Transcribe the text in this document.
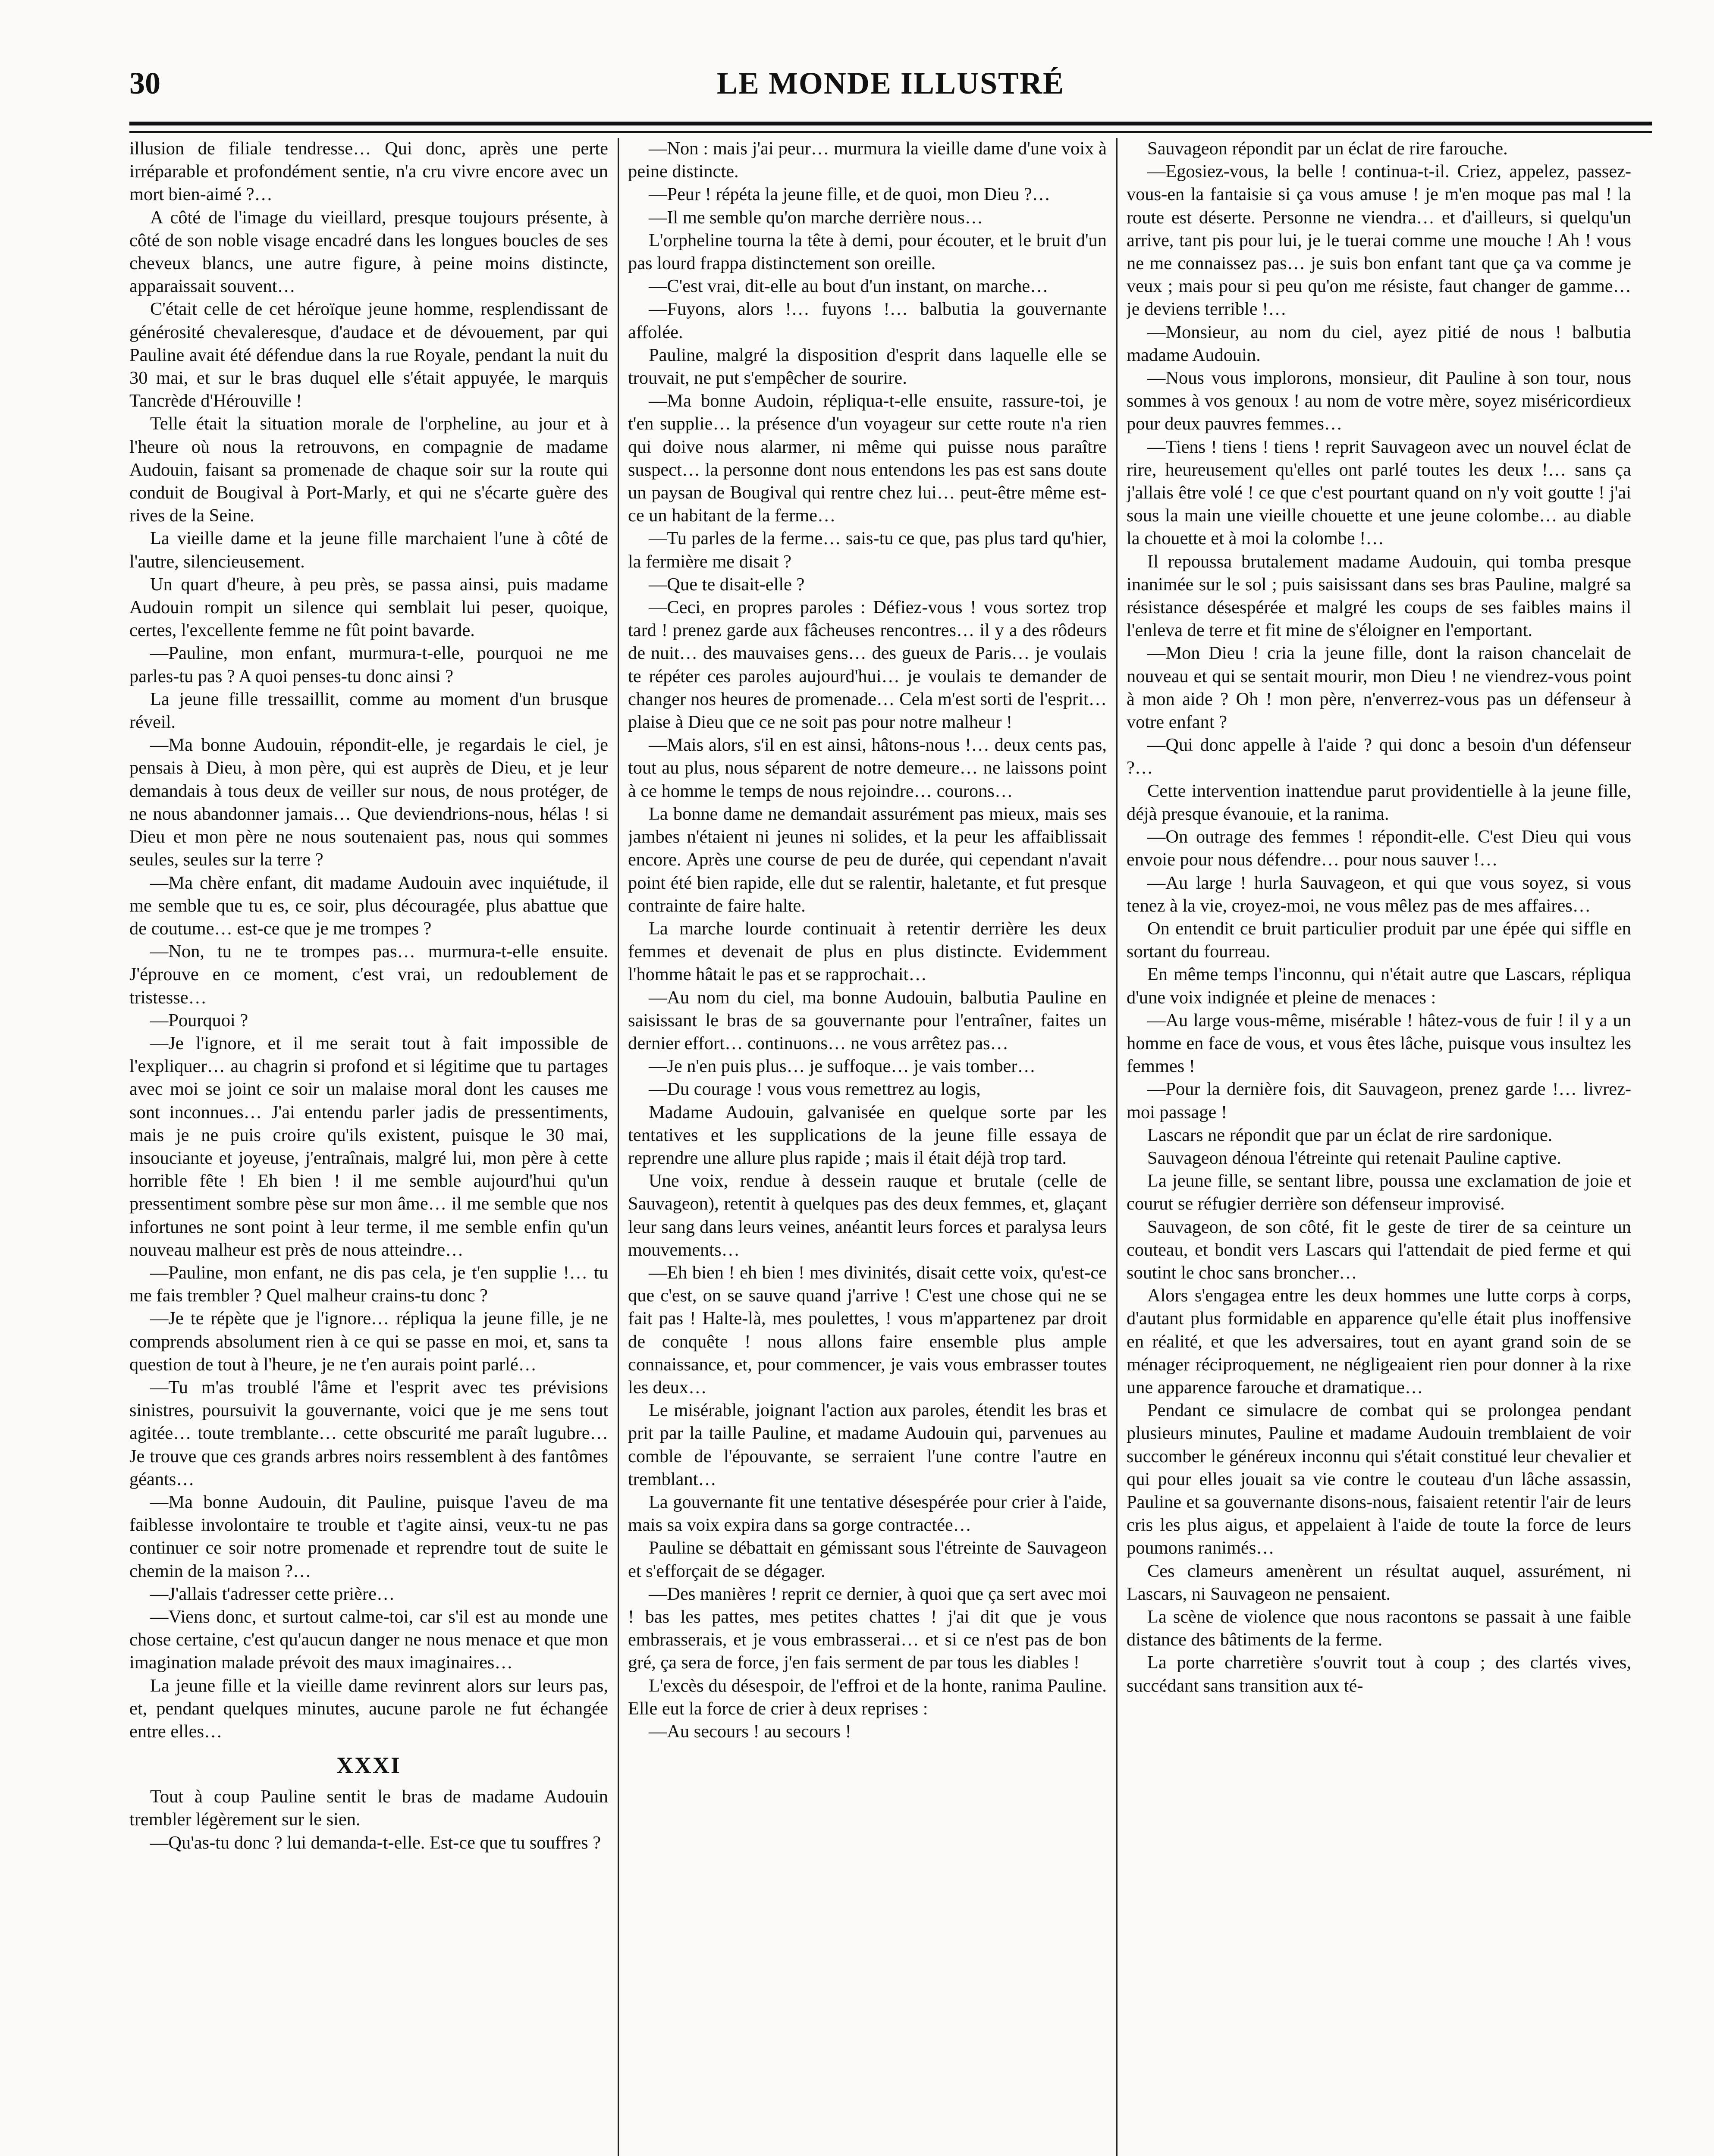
30	LE MONDE ILLUSTRÉ

illusion de filiale tendresse… Qui donc, après une perte irréparable et profondément sentie, n'a cru vivre encore avec un mort bien-aimé ?…

A côté de l'image du vieillard, presque toujours présente, à côté de son noble visage encadré dans les longues boucles de ses cheveux blancs, une autre figure, à peine moins distincte, apparaissait souvent…

C'était celle de cet héroïque jeune homme, resplendissant de générosité chevaleresque, d'audace et de dévouement, par qui Pauline avait été défendue dans la rue Royale, pendant la nuit du 30 mai, et sur le bras duquel elle s'était appuyée, le marquis Tancrède d'Hérouville !

Telle était la situation morale de l'orpheline, au jour et à l'heure où nous la retrouvons, en compagnie de madame Audouin, faisant sa promenade de chaque soir sur la route qui conduit de Bougival à Port-Marly, et qui ne s'écarte guère des rives de la Seine.

La vieille dame et la jeune fille marchaient l'une à côté de l'autre, silencieusement.

Un quart d'heure, à peu près, se passa ainsi, puis madame Audouin rompit un silence qui semblait lui peser, quoique, certes, l'excellente femme ne fût point bavarde.

—Pauline, mon enfant, murmura-t-elle, pourquoi ne me parles-tu pas ? A quoi penses-tu donc ainsi ?

La jeune fille tressaillit, comme au moment d'un brusque réveil.

—Ma bonne Audouin, répondit-elle, je regardais le ciel, je pensais à Dieu, à mon père, qui est auprès de Dieu, et je leur demandais à tous deux de veiller sur nous, de nous protéger, de ne nous abandonner jamais… Que deviendrions-nous, hélas ! si Dieu et mon père ne nous soutenaient pas, nous qui sommes seules, seules sur la terre ?

—Ma chère enfant, dit madame Audouin avec inquiétude, il me semble que tu es, ce soir, plus découragée, plus abattue que de coutume… est-ce que je me trompes ?

—Non, tu ne te trompes pas… murmura-t-elle ensuite. J'éprouve en ce moment, c'est vrai, un redoublement de tristesse…

—Pourquoi ?

—Je l'ignore, et il me serait tout à fait impossible de l'expliquer… au chagrin si profond et si légitime que tu partages avec moi se joint ce soir un malaise moral dont les causes me sont inconnues… J'ai entendu parler jadis de pressentiments, mais je ne puis croire qu'ils existent, puisque le 30 mai, insouciante et joyeuse, j'entraînais, malgré lui, mon père à cette horrible fête ! Eh bien ! il me semble aujourd'hui qu'un pressentiment sombre pèse sur mon âme… il me semble que nos infortunes ne sont point à leur terme, il me semble enfin qu'un nouveau malheur est près de nous atteindre…

—Pauline, mon enfant, ne dis pas cela, je t'en supplie !… tu me fais trembler ? Quel malheur crains-tu donc ?

—Je te répète que je l'ignore… répliqua la jeune fille, je ne comprends absolument rien à ce qui se passe en moi, et, sans ta question de tout à l'heure, je ne t'en aurais point parlé…

—Tu m'as troublé l'âme et l'esprit avec tes prévisions sinistres, poursuivit la gouvernante, voici que je me sens tout agitée… toute tremblante… cette obscurité me paraît lugubre… Je trouve que ces grands arbres noirs ressemblent à des fantômes géants…

—Ma bonne Audouin, dit Pauline, puisque l'aveu de ma faiblesse involontaire te trouble et t'agite ainsi, veux-tu ne pas continuer ce soir notre promenade et reprendre tout de suite le chemin de la maison ?…

—J'allais t'adresser cette prière…

—Viens donc, et surtout calme-toi, car s'il est au monde une chose certaine, c'est qu'aucun danger ne nous menace et que mon imagination malade prévoit des maux imaginaires…

La jeune fille et la vieille dame revinrent alors sur leurs pas, et, pendant quelques minutes, aucune parole ne fut échangée entre elles…

XXXI

Tout à coup Pauline sentit le bras de madame Audouin trembler légèrement sur le sien.

—Qu'as-tu donc ? lui demanda-t-elle. Est-ce que tu souffres ?

—Non : mais j'ai peur… murmura la vieille dame d'une voix à peine distincte.

—Peur ! répéta la jeune fille, et de quoi, mon Dieu ?…

—Il me semble qu'on marche derrière nous…

L'orpheline tourna la tête à demi, pour écouter, et le bruit d'un pas lourd frappa distinctement son oreille.

—C'est vrai, dit-elle au bout d'un instant, on marche…

—Fuyons, alors !… fuyons !… balbutia la gouvernante affolée.

Pauline, malgré la disposition d'esprit dans laquelle elle se trouvait, ne put s'empêcher de sourire.

—Ma bonne Audoin, répliqua-t-elle ensuite, rassure-toi, je t'en supplie… la présence d'un voyageur sur cette route n'a rien qui doive nous alarmer, ni même qui puisse nous paraître suspect… la personne dont nous entendons les pas est sans doute un paysan de Bougival qui rentre chez lui… peut-être même est-ce un habitant de la ferme…

—Tu parles de la ferme… sais-tu ce que, pas plus tard qu'hier, la fermière me disait ?

—Que te disait-elle ?

—Ceci, en propres paroles : Défiez-vous ! vous sortez trop tard ! prenez garde aux fâcheuses rencontres… il y a des rôdeurs de nuit… des mauvaises gens… des gueux de Paris… je voulais te répéter ces paroles aujourd'hui… je voulais te demander de changer nos heures de promenade… Cela m'est sorti de l'esprit… plaise à Dieu que ce ne soit pas pour notre malheur !

—Mais alors, s'il en est ainsi, hâtons-nous !… deux cents pas, tout au plus, nous séparent de notre demeure… ne laissons point à ce homme le temps de nous rejoindre… courons…

La bonne dame ne demandait assurément pas mieux, mais ses jambes n'étaient ni jeunes ni solides, et la peur les affaiblissait encore. Après une course de peu de durée, qui cependant n'avait point été bien rapide, elle dut se ralentir, haletante, et fut presque contrainte de faire halte.

La marche lourde continuait à retentir derrière les deux femmes et devenait de plus en plus distincte. Evidemment l'homme hâtait le pas et se rapprochait…

—Au nom du ciel, ma bonne Audouin, balbutia Pauline en saisissant le bras de sa gouvernante pour l'entraîner, faites un dernier effort… continuons… ne vous arrêtez pas…

—Je n'en puis plus… je suffoque… je vais tomber…

—Du courage ! vous vous remettrez au logis,

Madame Audouin, galvanisée en quelque sorte par les tentatives et les supplications de la jeune fille essaya de reprendre une allure plus rapide ; mais il était déjà trop tard.

Une voix, rendue à dessein rauque et brutale (celle de Sauvageon), retentit à quelques pas des deux femmes, et, glaçant leur sang dans leurs veines, anéantit leurs forces et paralysa leurs mouvements…

—Eh bien ! eh bien ! mes divinités, disait cette voix, qu'est-ce que c'est, on se sauve quand j'arrive ! C'est une chose qui ne se fait pas ! Halte-là, mes poulettes, ! vous m'appartenez par droit de conquête ! nous allons faire ensemble plus ample connaissance, et, pour commencer, je vais vous embrasser toutes les deux…

Le misérable, joignant l'action aux paroles, étendit les bras et prit par la taille Pauline, et madame Audouin qui, parvenues au comble de l'épouvante, se serraient l'une contre l'autre en tremblant…

La gouvernante fit une tentative désespérée pour crier à l'aide, mais sa voix expira dans sa gorge contractée…

Pauline se débattait en gémissant sous l'étreinte de Sauvageon et s'efforçait de se dégager.

—Des manières ! reprit ce dernier, à quoi que ça sert avec moi ! bas les pattes, mes petites chattes ! j'ai dit que je vous embrasserais, et je vous embrasserai… et si ce n'est pas de bon gré, ça sera de force, j'en fais serment de par tous les diables !

L'excès du désespoir, de l'effroi et de la honte, ranima Pauline. Elle eut la force de crier à deux reprises :

—Au secours ! au secours !

Sauvageon répondit par un éclat de rire farouche.

—Egosiez-vous, la belle ! continua-t-il. Criez, appelez, passez-vous-en la fantaisie si ça vous amuse ! je m'en moque pas mal ! la route est déserte. Personne ne viendra… et d'ailleurs, si quelqu'un arrive, tant pis pour lui, je le tuerai comme une mouche ! Ah ! vous ne me connaissez pas… je suis bon enfant tant que ça va comme je veux ; mais pour si peu qu'on me résiste, faut changer de gamme… je deviens terrible !…

—Monsieur, au nom du ciel, ayez pitié de nous ! balbutia madame Audouin.

—Nous vous implorons, monsieur, dit Pauline à son tour, nous sommes à vos genoux ! au nom de votre mère, soyez miséricordieux pour deux pauvres femmes…

—Tiens ! tiens ! tiens ! reprit Sauvageon avec un nouvel éclat de rire, heureusement qu'elles ont parlé toutes les deux !… sans ça j'allais être volé ! ce que c'est pourtant quand on n'y voit goutte ! j'ai sous la main une vieille chouette et une jeune colombe… au diable la chouette et à moi la colombe !…

Il repoussa brutalement madame Audouin, qui tomba presque inanimée sur le sol ; puis saisissant dans ses bras Pauline, malgré sa résistance désespérée et malgré les coups de ses faibles mains il l'enleva de terre et fit mine de s'éloigner en l'emportant.

—Mon Dieu ! cria la jeune fille, dont la raison chancelait de nouveau et qui se sentait mourir, mon Dieu ! ne viendrez-vous point à mon aide ? Oh ! mon père, n'enverrez-vous pas un défenseur à votre enfant ?

—Qui donc appelle à l'aide ? qui donc a besoin d'un défenseur ?…

Cette intervention inattendue parut providentielle à la jeune fille, déjà presque évanouie, et la ranima.

—On outrage des femmes ! répondit-elle. C'est Dieu qui vous envoie pour nous défendre… pour nous sauver !…

—Au large ! hurla Sauvageon, et qui que vous soyez, si vous tenez à la vie, croyez-moi, ne vous mêlez pas de mes affaires…

On entendit ce bruit particulier produit par une épée qui siffle en sortant du fourreau.

En même temps l'inconnu, qui n'était autre que Lascars, répliqua d'une voix indignée et pleine de menaces :

—Au large vous-même, misérable ! hâtez-vous de fuir ! il y a un homme en face de vous, et vous êtes lâche, puisque vous insultez les femmes !

—Pour la dernière fois, dit Sauvageon, prenez garde !… livrez-moi passage !

Lascars ne répondit que par un éclat de rire sardonique.

Sauvageon dénoua l'étreinte qui retenait Pauline captive.

La jeune fille, se sentant libre, poussa une exclamation de joie et courut se réfugier derrière son défenseur improvisé.

Sauvageon, de son côté, fit le geste de tirer de sa ceinture un couteau, et bondit vers Lascars qui l'attendait de pied ferme et qui soutint le choc sans broncher…

Alors s'engagea entre les deux hommes une lutte corps à corps, d'autant plus formidable en apparence qu'elle était plus inoffensive en réalité, et que les adversaires, tout en ayant grand soin de se ménager réciproquement, ne négligeaient rien pour donner à la rixe une apparence farouche et dramatique…

Pendant ce simulacre de combat qui se prolongea pendant plusieurs minutes, Pauline et madame Audouin tremblaient de voir succomber le généreux inconnu qui s'était constitué leur chevalier et qui pour elles jouait sa vie contre le couteau d'un lâche assassin, Pauline et sa gouvernante disons-nous, faisaient retentir l'air de leurs cris les plus aigus, et appelaient à l'aide de toute la force de leurs poumons ranimés…

Ces clameurs amenèrent un résultat auquel, assurément, ni Lascars, ni Sauvageon ne pensaient.

La scène de violence que nous racontons se passait à une faible distance des bâtiments de la ferme.

La porte charretière s'ouvrit tout à coup ; des clartés vives, succédant sans transition aux té-
